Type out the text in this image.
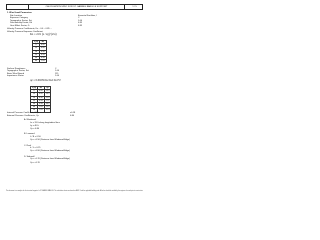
CALCULATION SPEC FOR ST. GAMBLE BANG LE SUPPORT	1 / 5
1. Wind Load Parameters
Site Location	Essential Facilities, I
Exposure Category	C
Topographic Factor, Kzt	1.00
Directionality Factor, Kd	0.85
Gust Effect Factor, G	0.85
Velocity Pressure Coefficients, Kz :: 0.4 :: 0.85 ...
Velocity Pressure Exposure Coefficient
Kz = 2.01 (z / zg)^(2/α)
z (ft)	Kz
0	0.85
15	0.85
20	0.90
25	0.94
30	0.98
40	1.04
Surface Roughness	C
Topographic Factor, Kzt	1.00
Basic Wind Speed	115
Importance Factor	1.00
qz = 0.00256 Kz Kzt Kd V²
z (ft)	Kz	qz
0	0.85	24.5
15	0.85	24.5
20	0.90	25.9
25	0.94	27.1
30	0.98	28.2
40	1.04	29.9
50	1.09	31.4
Internal Pressure Coefficient, GCpi	±0.18
External Pressure Coefficients, Cp	0.80
A. Windward
Lx = 20 ft along longitudinal face
Ly = 40 ft
Cp = 0.80
B. Leeward
L / B = 0.50
Cp = -0.50 (Distance from Windward Edge)
C. Roof
h / L = 0.25
Cp = -0.90 (Distance from Windward Edge)
D. Sidewall
Cp = -0.70 (Distance from Windward Edge)
Cp = -0.70
This document is an analysis for the structural support of a ST. GAMBLE BANG LE. The calculations herein are based on ASCE 7 and the applicable building code. All values should be verified by the engineer of record prior to construction.
